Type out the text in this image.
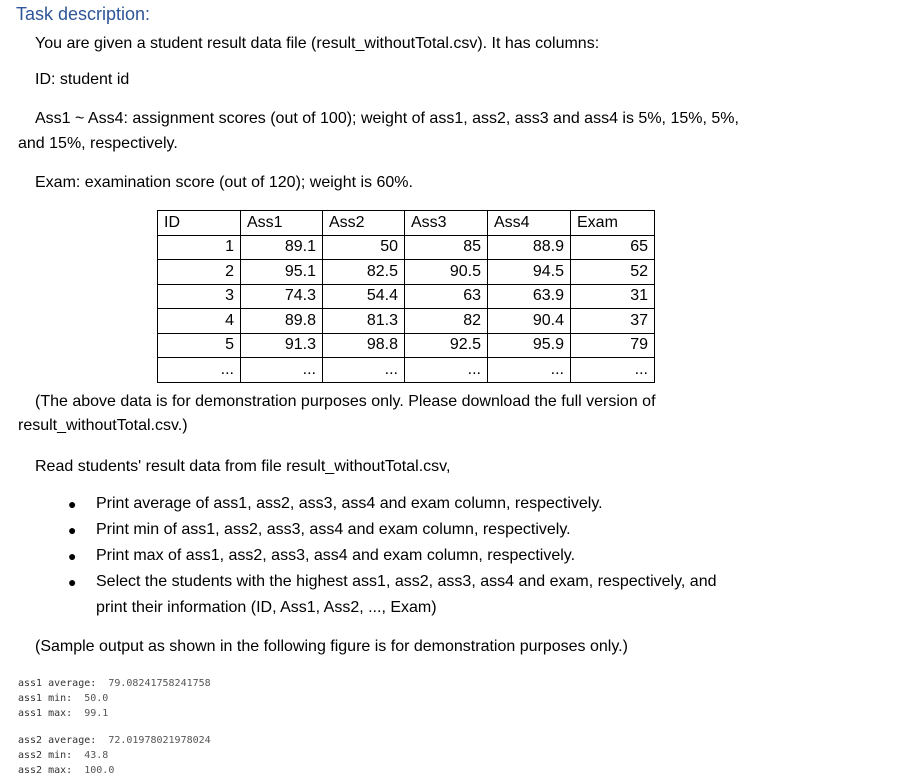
Task description:
You are given a student result data file (result_withoutTotal.csv). It has columns:
ID: student id
Ass1 ~ Ass4: assignment scores (out of 100); weight of ass1, ass2, ass3 and ass4 is 5%, 15%, 5%,
and 15%, respectively.
Exam: examination score (out of 120); weight is 60%.
ID	Ass1	Ass2	Ass3	Ass4	Exam
1	89.1	50	85	88.9	65
2	95.1	82.5	90.5	94.5	52
3	74.3	54.4	63	63.9	31
4	89.8	81.3	82	90.4	37
5	91.3	98.8	92.5	95.9	79
...	...	...	...	...	...
(The above data is for demonstration purposes only. Please download the full version of
result_withoutTotal.csv.)
Read students' result data from file result_withoutTotal.csv,
● Print average of ass1, ass2, ass3, ass4 and exam column, respectively.
● Print min of ass1, ass2, ass3, ass4 and exam column, respectively.
● Print max of ass1, ass2, ass3, ass4 and exam column, respectively.
● Select the students with the highest ass1, ass2, ass3, ass4 and exam, respectively, and
print their information (ID, Ass1, Ass2, ..., Exam)
(Sample output as shown in the following figure is for demonstration purposes only.)
ass1 average: 79.08241758241758
ass1 min: 50.0
ass1 max: 99.1
ass2 average: 72.01978021978024
ass2 min: 43.8
ass2 max: 100.0
